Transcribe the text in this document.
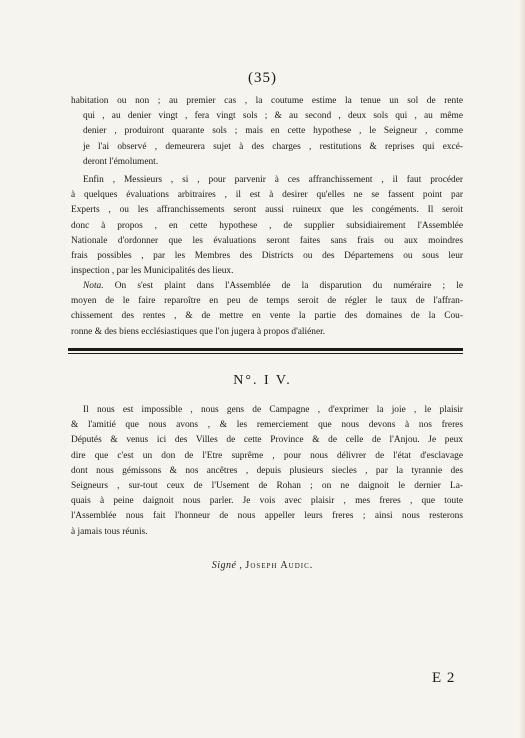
(35)
habitation ou non ; au premier cas , la coutume estime la tenue un sol de rente
qui , au denier vingt , fera vingt sols ; & au second , deux sols qui , au même
denier , produiront quarante sols ; mais en cette hypothese , le Seigneur , comme
je l'ai observé , demeurera sujet à des charges , restitutions & reprises qui excé-
deront l'émolument.
Enfin , Messieurs , si , pour parvenir à ces affranchissement , il faut procéder
à quelques évaluations arbitraires , il est à desirer qu'elles ne se fassent point par
Experts , ou les affranchissements seront aussi ruineux que les congéments. Il seroit
donc à propos , en cette hypothese , de supplier subsidiairement l'Assemblée
Nationale d'ordonner que les évaluations seront faites sans frais ou aux moindres
frais possibles , par les Membres des Districts ou des Départemens ou sous leur
inspection , par les Municipalités des lieux.
Nota. On s'est plaint dans l'Assemblée de la disparution du numéraire ; le
moyen de le faire reparoître en peu de temps seroit de régler le taux de l'affran-
chissement des rentes , & de mettre en vente la partie des domaines de la Cou-
ronne & des biens ecclésiastiques que l'on jugera à propos d'aliéner.
N°. I V.
Il nous est impossible , nous gens de Campagne , d'exprimer la joie , le plaisir
& l'amitié que nous avons , & les remerciement que nous devons à nos freres
Députés & venus ici des Villes de cette Province & de celle de l'Anjou. Je peux
dire que c'est un don de l'Etre suprême , pour nous délivrer de l'état d'esclavage
dont nous gémissons & nos ancêtres , depuis plusieurs siecles , par la tyrannie des
Seigneurs , sur-tout ceux de l'Usement de Rohan ; on ne daignoit le dernier La-
quais à peine daignoit nous parler. Je vois avec plaisir , mes freres , que toute
l'Assemblée nous fait l'honneur de nous appeller leurs freres ; ainsi nous resterons
à jamais tous réunis.
Signé , Joseph Audic.
E 2
